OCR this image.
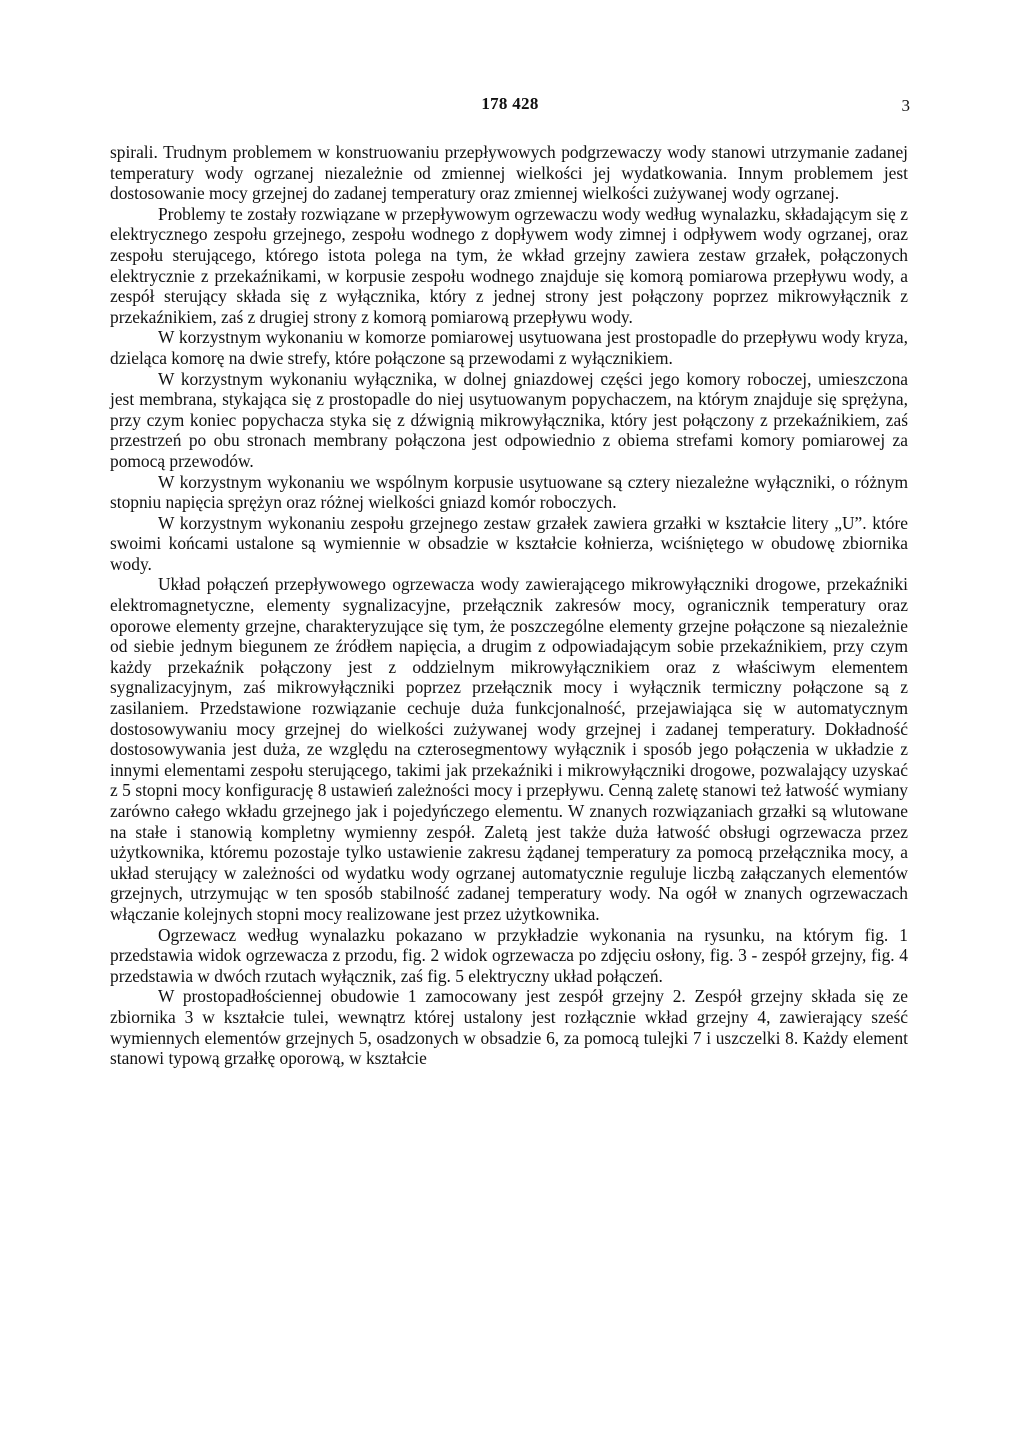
178 428	3

spirali. Trudnym problemem w konstruowaniu przepływowych podgrzewaczy wody stanowi utrzymanie zadanej temperatury wody ogrzanej niezależnie od zmiennej wielkości jej wydatkowania. Innym problemem jest dostosowanie mocy grzejnej do zadanej temperatury oraz zmiennej wielkości zużywanej wody ogrzanej.

Problemy te zostały rozwiązane w przepływowym ogrzewaczu wody według wynalazku, składającym się z elektrycznego zespołu grzejnego, zespołu wodnego z dopływem wody zimnej i odpływem wody ogrzanej, oraz zespołu sterującego, którego istota polega na tym, że wkład grzejny zawiera zestaw grzałek, połączonych elektrycznie z przekaźnikami, w korpusie zespołu wodnego znajduje się komorą pomiarowa przepływu wody, a zespół sterujący składa się z wyłącznika, który z jednej strony jest połączony poprzez mikrowyłącznik z przekaźnikiem, zaś z drugiej strony z komorą pomiarową przepływu wody.

W korzystnym wykonaniu w komorze pomiarowej usytuowana jest prostopadle do przepływu wody kryza, dzieląca komorę na dwie strefy, które połączone są przewodami z wyłącznikiem.

W korzystnym wykonaniu wyłącznika, w dolnej gniazdowej części jego komory roboczej, umieszczona jest membrana, stykająca się z prostopadle do niej usytuowanym popychaczem, na którym znajduje się sprężyna, przy czym koniec popychacza styka się z dźwignią mikrowyłącznika, który jest połączony z przekaźnikiem, zaś przestrzeń po obu stronach membrany połączona jest odpowiednio z obiema strefami komory pomiarowej za pomocą przewodów.

W korzystnym wykonaniu we wspólnym korpusie usytuowane są cztery niezależne wyłączniki, o różnym stopniu napięcia sprężyn oraz różnej wielkości gniazd komór roboczych.

W korzystnym wykonaniu zespołu grzejnego zestaw grzałek zawiera grzałki w kształcie litery „U”. które swoimi końcami ustalone są wymiennie w obsadzie w kształcie kołnierza, wciśniętego w obudowę zbiornika wody.

Układ połączeń przepływowego ogrzewacza wody zawierającego mikrowyłączniki drogowe, przekaźniki elektromagnetyczne, elementy sygnalizacyjne, przełącznik zakresów mocy, ogranicznik temperatury oraz oporowe elementy grzejne, charakteryzujące się tym, że poszczególne elementy grzejne połączone są niezależnie od siebie jednym biegunem ze źródłem napięcia, a drugim z odpowiadającym sobie przekaźnikiem, przy czym każdy przekaźnik połączony jest z oddzielnym mikrowyłącznikiem oraz z właściwym elementem sygnalizacyjnym, zaś mikrowyłączniki poprzez przełącznik mocy i wyłącznik termiczny połączone są z zasilaniem. Przedstawione rozwiązanie cechuje duża funkcjonalność, przejawiająca się w automatycznym dostosowywaniu mocy grzejnej do wielkości zużywanej wody grzejnej i zadanej temperatury. Dokładność dostosowywania jest duża, ze względu na czterosegmentowy wyłącznik i sposób jego połączenia w układzie z innymi elementami zespołu sterującego, takimi jak przekaźniki i mikrowyłączniki drogowe, pozwalający uzyskać z 5 stopni mocy konfigurację 8 ustawień zależności mocy i przepływu. Cenną zaletę stanowi też łatwość wymiany zarówno całego wkładu grzejnego jak i pojedyńczego elementu. W znanych rozwiązaniach grzałki są wlutowane na stałe i stanowią kompletny wymienny zespół. Zaletą jest także duża łatwość obsługi ogrzewacza przez użytkownika, któremu pozostaje tylko ustawienie zakresu żądanej temperatury za pomocą przełącznika mocy, a układ sterujący w zależności od wydatku wody ogrzanej automatycznie reguluje liczbą załączanych elementów grzejnych, utrzymując w ten sposób stabilność zadanej temperatury wody. Na ogół w znanych ogrzewaczach włączanie kolejnych stopni mocy realizowane jest przez użytkownika.

Ogrzewacz według wynalazku pokazano w przykładzie wykonania na rysunku, na którym fig. 1 przedstawia widok ogrzewacza z przodu, fig. 2 widok ogrzewacza po zdjęciu osłony, fig. 3 - zespół grzejny, fig. 4 przedstawia w dwóch rzutach wyłącznik, zaś fig. 5 elektryczny układ połączeń.

W prostopadłościennej obudowie 1 zamocowany jest zespół grzejny 2. Zespół grzejny składa się ze zbiornika 3 w kształcie tulei, wewnątrz której ustalony jest rozłącznie wkład grzejny 4, zawierający sześć wymiennych elementów grzejnych 5, osadzonych w obsadzie 6, za pomocą tulejki 7 i uszczelki 8. Każdy element stanowi typową grzałkę oporową, w kształcie
